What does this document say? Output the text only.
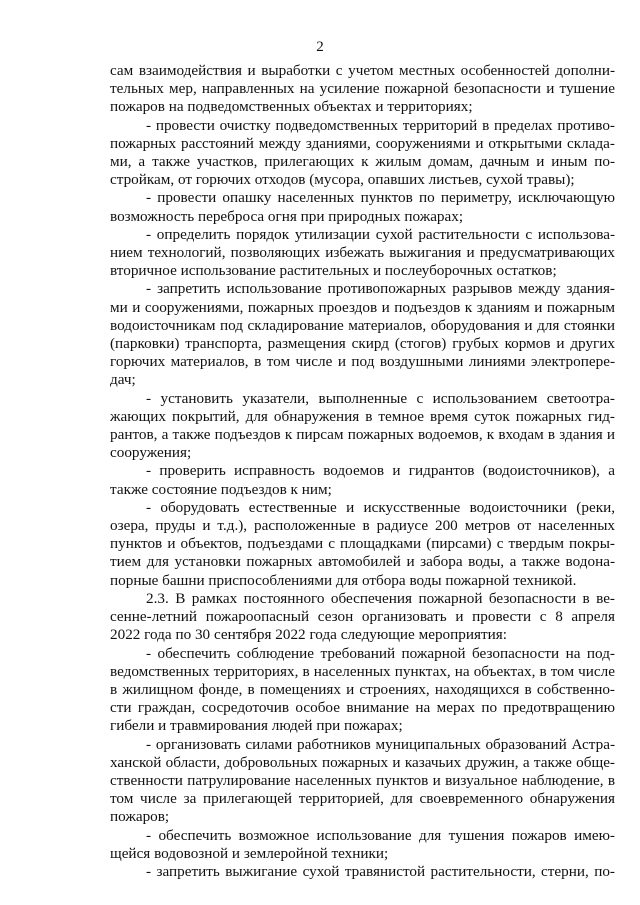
2
сам взаимодействия и выработки с учетом местных особенностей дополни-
тельных мер, направленных на усиление пожарной безопасности и тушение
пожаров на подведомственных объектах и территориях;
- провести очистку подведомственных территорий в пределах противо-
пожарных расстояний между зданиями, сооружениями и открытыми склада-
ми, а также участков, прилегающих к жилым домам, дачным и иным по-
стройкам, от горючих отходов (мусора, опавших листьев, сухой травы);
- провести опашку населенных пунктов по периметру, исключающую
возможность переброса огня при природных пожарах;
- определить порядок утилизации сухой растительности с использова-
нием технологий, позволяющих избежать выжигания и предусматривающих
вторичное использование растительных и послеуборочных остатков;
- запретить использование противопожарных разрывов между здания-
ми и сооружениями, пожарных проездов и подъездов к зданиям и пожарным
водоисточникам под складирование материалов, оборудования и для стоянки
(парковки) транспорта, размещения скирд (стогов) грубых кормов и других
горючих материалов, в том числе и под воздушными линиями электропере-
дач;
- установить указатели, выполненные с использованием светоотра-
жающих покрытий, для обнаружения в темное время суток пожарных гид-
рантов, а также подъездов к пирсам пожарных водоемов, к входам в здания и
сооружения;
- проверить исправность водоемов и гидрантов (водоисточников), а
также состояние подъездов к ним;
- оборудовать естественные и искусственные водоисточники (реки,
озера, пруды и т.д.), расположенные в радиусе 200 метров от населенных
пунктов и объектов, подъездами с площадками (пирсами) с твердым покры-
тием для установки пожарных автомобилей и забора воды, а также водона-
порные башни приспособлениями для отбора воды пожарной техникой.
2.3. В рамках постоянного обеспечения пожарной безопасности в ве-
сенне-летний пожароопасный сезон организовать и провести с 8 апреля
2022 года по 30 сентября 2022 года следующие мероприятия:
- обеспечить соблюдение требований пожарной безопасности на под-
ведомственных территориях, в населенных пунктах, на объектах, в том числе
в жилищном фонде, в помещениях и строениях, находящихся в собственно-
сти граждан, сосредоточив особое внимание на мерах по предотвращению
гибели и травмирования людей при пожарах;
- организовать силами работников муниципальных образований Астра-
ханской области, добровольных пожарных и казачьих дружин, а также обще-
ственности патрулирование населенных пунктов и визуальное наблюдение, в
том числе за прилегающей территорией, для своевременного обнаружения
пожаров;
- обеспечить возможное использование для тушения пожаров имею-
щейся водовозной и землеройной техники;
- запретить выжигание сухой травянистой растительности, стерни, по-
